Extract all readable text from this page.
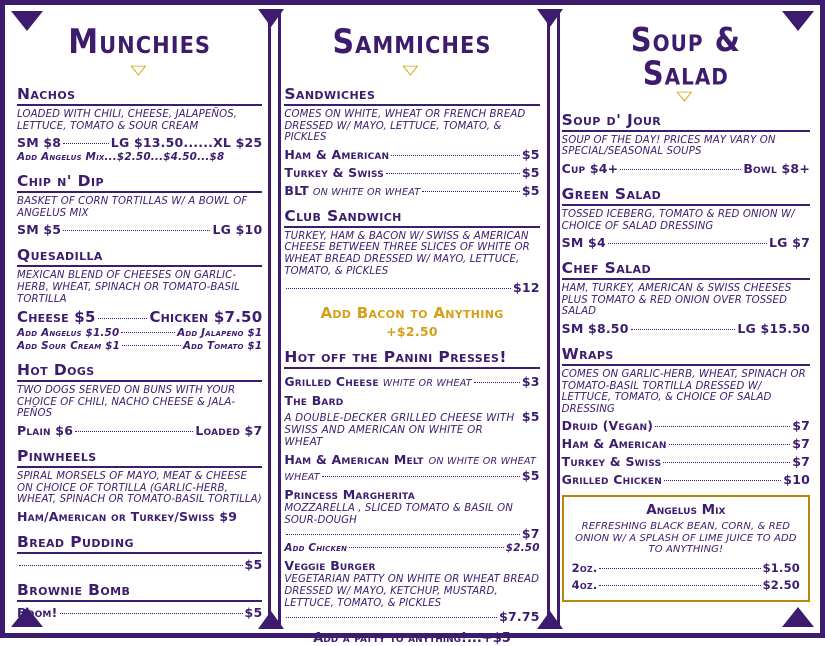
Munchies
▽
Nachos

LOADED WITH CHILI, CHEESE, JALAPEÑOS, LETTUCE, TOMATO & SOUR CREAM

SM $8	LG $13.50......XL $25
Add Angelus Mix...$2.50...$4.50...$8
Chip n' Dip

BASKET OF CORN TORTILLAS W/ A BOWL OF ANGELUS MIX

SM $5	LG $10
Quesadilla

MEXICAN BLEND OF CHEESES ON GARLIC-HERB, WHEAT, SPINACH OR TOMATO-BASIL TORTILLA

Cheese $5	Chicken $7.50
Add Angelus $1.50	Add Jalapeno $1
Add Sour Cream $1	Add Tomato $1
Hot Dogs

TWO DOGS SERVED ON BUNS WITH YOUR CHOICE OF CHILI, NACHO CHEESE & JALA-PEÑOS

Plain $6	Loaded $7
Pinwheels

SPIRAL MORSELS OF MAYO, MEAT & CHEESE ON CHOICE OF TORTILLA (GARLIC-HERB, WHEAT, SPINACH OR TOMATO-BASIL TORTILLA)

Ham/American or Turkey/Swiss $9
Bread Pudding
$5
Brownie Bomb
Boom!	$5
Sammiches
▽
Sandwiches

COMES ON WHITE, WHEAT OR FRENCH BREAD DRESSED W/ MAYO, LETTUCE, TOMATO, & PICKLES

Ham & American	$5
Turkey & Swiss	$5
BLT ON WHITE OR WHEAT	$5
Club Sandwich

TURKEY, HAM & BACON W/ SWISS & AMERICAN CHEESE BETWEEN THREE SLICES OF WHITE OR WHEAT BREAD DRESSED W/ MAYO, LETTUCE, TOMATO, & PICKLES

$12
Add Bacon to Anything
+$2.50
Hot off the Panini Presses!
Grilled Cheese WHITE OR WHEAT	$3
The Bard
A DOUBLE-DECKER GRILLED CHEESE WITH SWISS AND AMERICAN ON WHITE OR WHEAT
$5
Ham & American Melt ON WHITE OR WHEAT
WHEAT	$5
Princess Margherita

MOZZARELLA , SLICED TOMATO & BASIL ON SOUR-DOUGH

$7
Add Chicken	$2.50
Veggie Burger

VEGETARIAN PATTY ON WHITE OR WHEAT BREAD DRESSED W/ MAYO, KETCHUP, MUSTARD, LETTUCE, TOMATO, & PICKLES

$7.75
Add a patty to anything!...+$5
Soup &
Salad
▽
Soup d' Jour

SOUP OF THE DAY! PRICES MAY VARY ON SPECIAL/SEASONAL SOUPS

Cup $4+	Bowl $8+
Green Salad

TOSSED ICEBERG, TOMATO & RED ONION W/ CHOICE OF SALAD DRESSING

SM $4	LG $7
Chef Salad

HAM, TURKEY, AMERICAN & SWISS CHEESES PLUS TOMATO & RED ONION OVER TOSSED SALAD

SM $8.50	LG $15.50
Wraps

COMES ON GARLIC-HERB, WHEAT, SPINACH OR TOMATO-BASIL TORTILLA DRESSED W/ LETTUCE, TOMATO, & CHOICE OF SALAD DRESSING

Druid (Vegan)	$7
Ham & American	$7
Turkey & Swiss	$7
Grilled Chicken	$10
Angelus Mix

REFRESHING BLACK BEAN, CORN, & RED ONION W/ A SPLASH OF LIME JUICE TO ADD TO ANYTHING!

2oz.	$1.50
4oz.	$2.50
